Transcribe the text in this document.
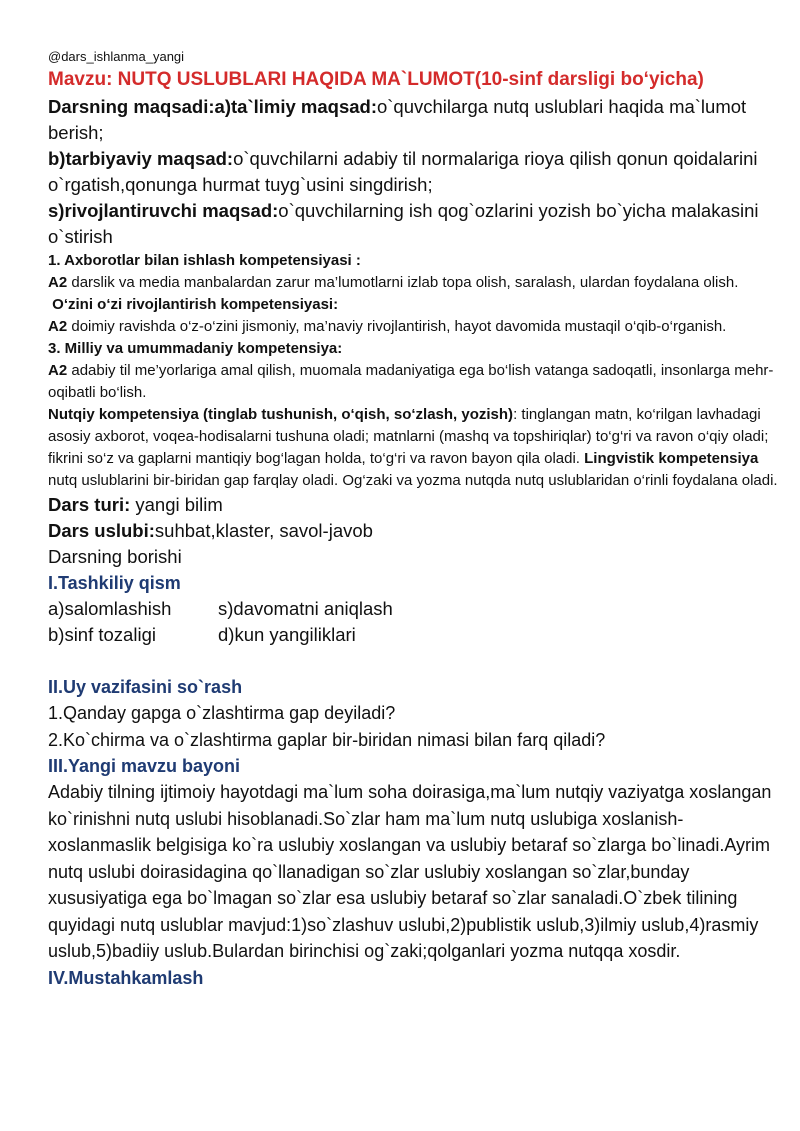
@dars_ishlanma_yangi

Mavzu: NUTQ USLUBLARI HAQIDA MA`LUMOT(10-sinf darsligi bo‘yicha)

Darsning maqsadi:a)ta`limiy maqsad:o`quvchilarga nutq uslublari haqida ma`lumot berish;

b)tarbiyaviy maqsad:o`quvchilarni adabiy til normalariga rioya qilish qonun qoidalarini o`rgatish,qonunga hurmat tuyg`usini singdirish;

s)rivojlantiruvchi maqsad:o`quvchilarning ish qog`ozlarini yozish bo`yicha malakasini o`stirish

1. Axborotlar bilan ishlash kompetensiyasi :

A2 darslik va media manbalardan zarur ma’lumotlarni izlab topa olish, saralash, ulardan foydalana olish.

O‘zini o‘zi rivojlantirish kompetensiyasi:

A2 doimiy ravishda o‘z-o‘zini jismoniy, ma’naviy rivojlantirish, hayot davomida mustaqil o‘qib-o‘rganish.

3. Milliy va umummadaniy kompetensiya:

A2 adabiy til me’yorlariga amal qilish, muomala madaniyatiga ega bo‘lish vatanga sadoqatli, insonlarga mehr-oqibatli bo‘lish.

Nutqiy kompetensiya (tinglab tushunish, o‘qish, so‘zlash, yozish): tinglangan matn, ko‘rilgan lavhadagi asosiy axborot, voqea-hodisalarni tushuna oladi; matnlarni (mashq va topshiriqlar) to‘g‘ri va ravon o‘qiy oladi; fikrini so‘z va gaplarni mantiqiy bog‘lagan holda, to‘g‘ri va ravon bayon qila oladi. Lingvistik kompetensiya nutq uslublarini bir-biridan gap farqlay oladi. Og‘zaki va yozma nutqda nutq uslublaridan o‘rinli foydalana oladi.

Dars turi: yangi bilim

Dars uslubi:suhbat,klaster, savol-javob

Darsning borishi

I.Tashkiliy qism

a)salomlashish	s)davomatni aniqlash
b)sinf tozaligi	d)kun yangiliklari

II.Uy vazifasini so`rash

1.Qanday gapga o`zlashtirma gap deyiladi?

2.Ko`chirma va o`zlashtirma gaplar bir-biridan nimasi bilan farq qiladi?

III.Yangi mavzu bayoni

Adabiy tilning ijtimoiy hayotdagi ma`lum soha doirasiga,ma`lum nutqiy vaziyatga xoslangan ko`rinishni nutq uslubi hisoblanadi.So`zlar ham ma`lum nutq uslubiga xoslanish-xoslanmaslik belgisiga ko`ra uslubiy xoslangan va uslubiy betaraf so`zlarga bo`linadi.Ayrim nutq uslubi doirasidagina qo`llanadigan so`zlar uslubiy xoslangan so`zlar,bunday xususiyatiga ega bo`lmagan so`zlar esa uslubiy betaraf so`zlar sanaladi.O`zbek tilining quyidagi nutq uslublar mavjud:1)so`zlashuv uslubi,2)publistik uslub,3)ilmiy uslub,4)rasmiy uslub,5)badiiy uslub.Bulardan birinchisi og`zaki;qolganlari yozma nutqqa xosdir.

IV.Mustahkamlash
